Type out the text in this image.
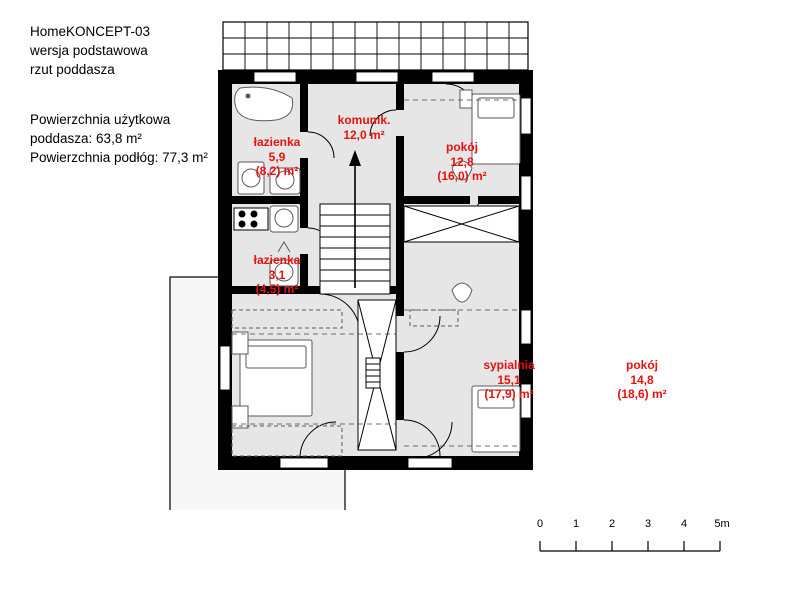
HomeKONCEPT-03
wersja podstawowa
rzut poddasza
Powierzchnia użytkowa
poddasza: 63,8 m²
Powierzchnia podłóg: 77,3 m²
łazienka
5,9
(8,2) m²
komunik.
12,0 m²
pokój
12,8
(16,0) m²
łazienka
3,1
(4,5) m²
sypialnia
15,1
(17,9) m²
pokój
14,8
(18,6) m²
0	1	2	3	4 5m
